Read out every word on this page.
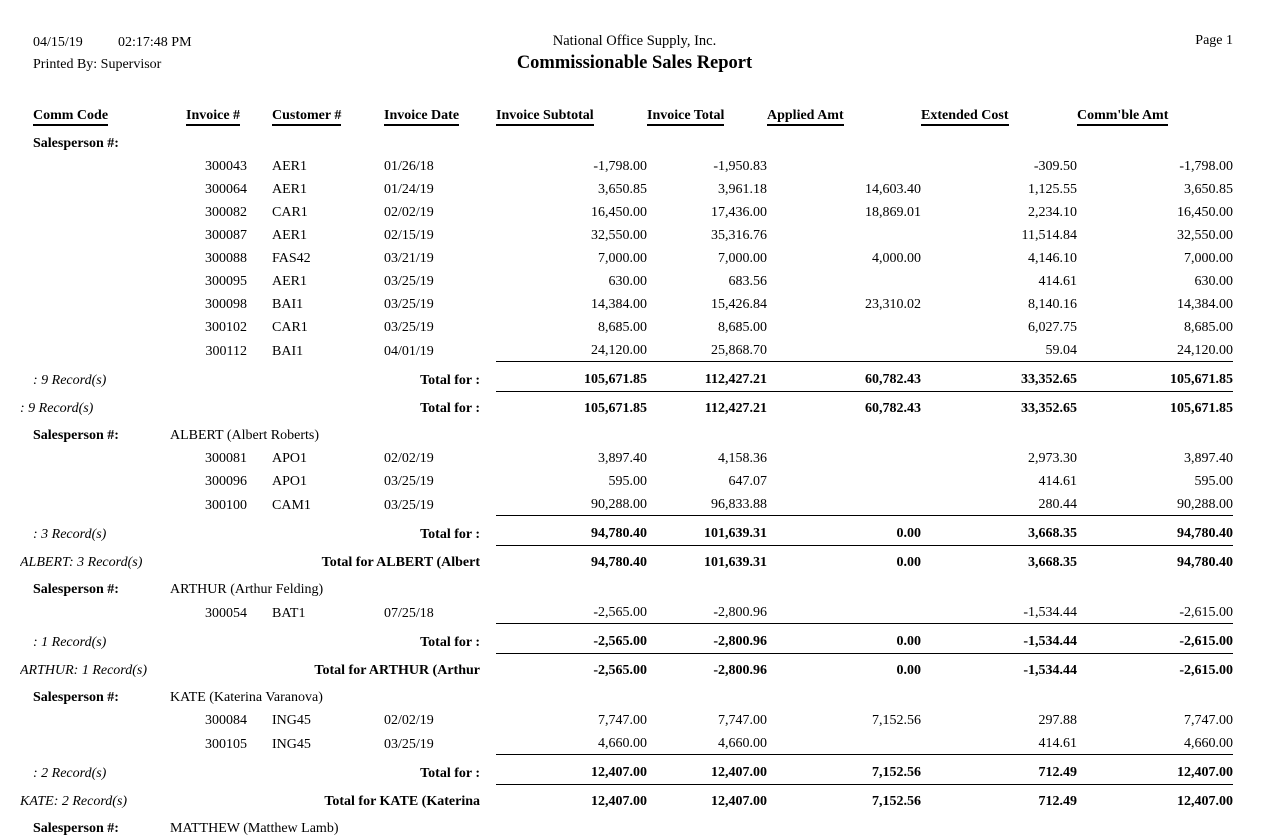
04/15/19	02:17:48 PM
Printed By: Supervisor
National Office Supply, Inc.
Commissionable Sales Report
Page 1
Comm Code	Invoice #	Customer #	Invoice Date	Invoice Subtotal	Invoice Total	Applied Amt	Extended Cost	Comm'ble Amt
Salesperson #:								
	300043	AER1	01/26/18	-1,798.00	-1,950.83		-309.50	-1,798.00
	300064	AER1	01/24/19	3,650.85	3,961.18	14,603.40	1,125.55	3,650.85
	300082	CAR1	02/02/19	16,450.00	17,436.00	18,869.01	2,234.10	16,450.00
	300087	AER1	02/15/19	32,550.00	35,316.76		11,514.84	32,550.00
	300088	FAS42	03/21/19	7,000.00	7,000.00	4,000.00	4,146.10	7,000.00
	300095	AER1	03/25/19	630.00	683.56		414.61	630.00
	300098	BAI1	03/25/19	14,384.00	15,426.84	23,310.02	8,140.16	14,384.00
	300102	CAR1	03/25/19	8,685.00	8,685.00		6,027.75	8,685.00
	300112	BAI1	04/01/19	24,120.00	25,868.70		59.04	24,120.00
: 9 Record(s)		Total for :		105,671.85	112,427.21	60,782.43	33,352.65	105,671.85
: 9 Record(s)		Total for :		105,671.85	112,427.21	60,782.43	33,352.65	105,671.85
Salesperson #: ALBERT (Albert Roberts)								
	300081	APO1	02/02/19	3,897.40	4,158.36		2,973.30	3,897.40
	300096	APO1	03/25/19	595.00	647.07		414.61	595.00
	300100	CAM1	03/25/19	90,288.00	96,833.88		280.44	90,288.00
: 3 Record(s)		Total for :		94,780.40	101,639.31	0.00	3,668.35	94,780.40
ALBERT: 3 Record(s)		Total for ALBERT (Albert		94,780.40	101,639.31	0.00	3,668.35	94,780.40
Salesperson #: ARTHUR (Arthur Felding)								
	300054	BAT1	07/25/18	-2,565.00	-2,800.96		-1,534.44	-2,615.00
: 1 Record(s)		Total for :		-2,565.00	-2,800.96	0.00	-1,534.44	-2,615.00
ARTHUR: 1 Record(s)		Total for ARTHUR (Arthur		-2,565.00	-2,800.96	0.00	-1,534.44	-2,615.00
Salesperson #: KATE (Katerina Varanova)								
	300084	ING45	02/02/19	7,747.00	7,747.00	7,152.56	297.88	7,747.00
	300105	ING45	03/25/19	4,660.00	4,660.00		414.61	4,660.00
: 2 Record(s)		Total for :		12,407.00	12,407.00	7,152.56	712.49	12,407.00
KATE: 2 Record(s)		Total for KATE (Katerina		12,407.00	12,407.00	7,152.56	712.49	12,407.00
Salesperson #: MATTHEW (Matthew Lamb)								
